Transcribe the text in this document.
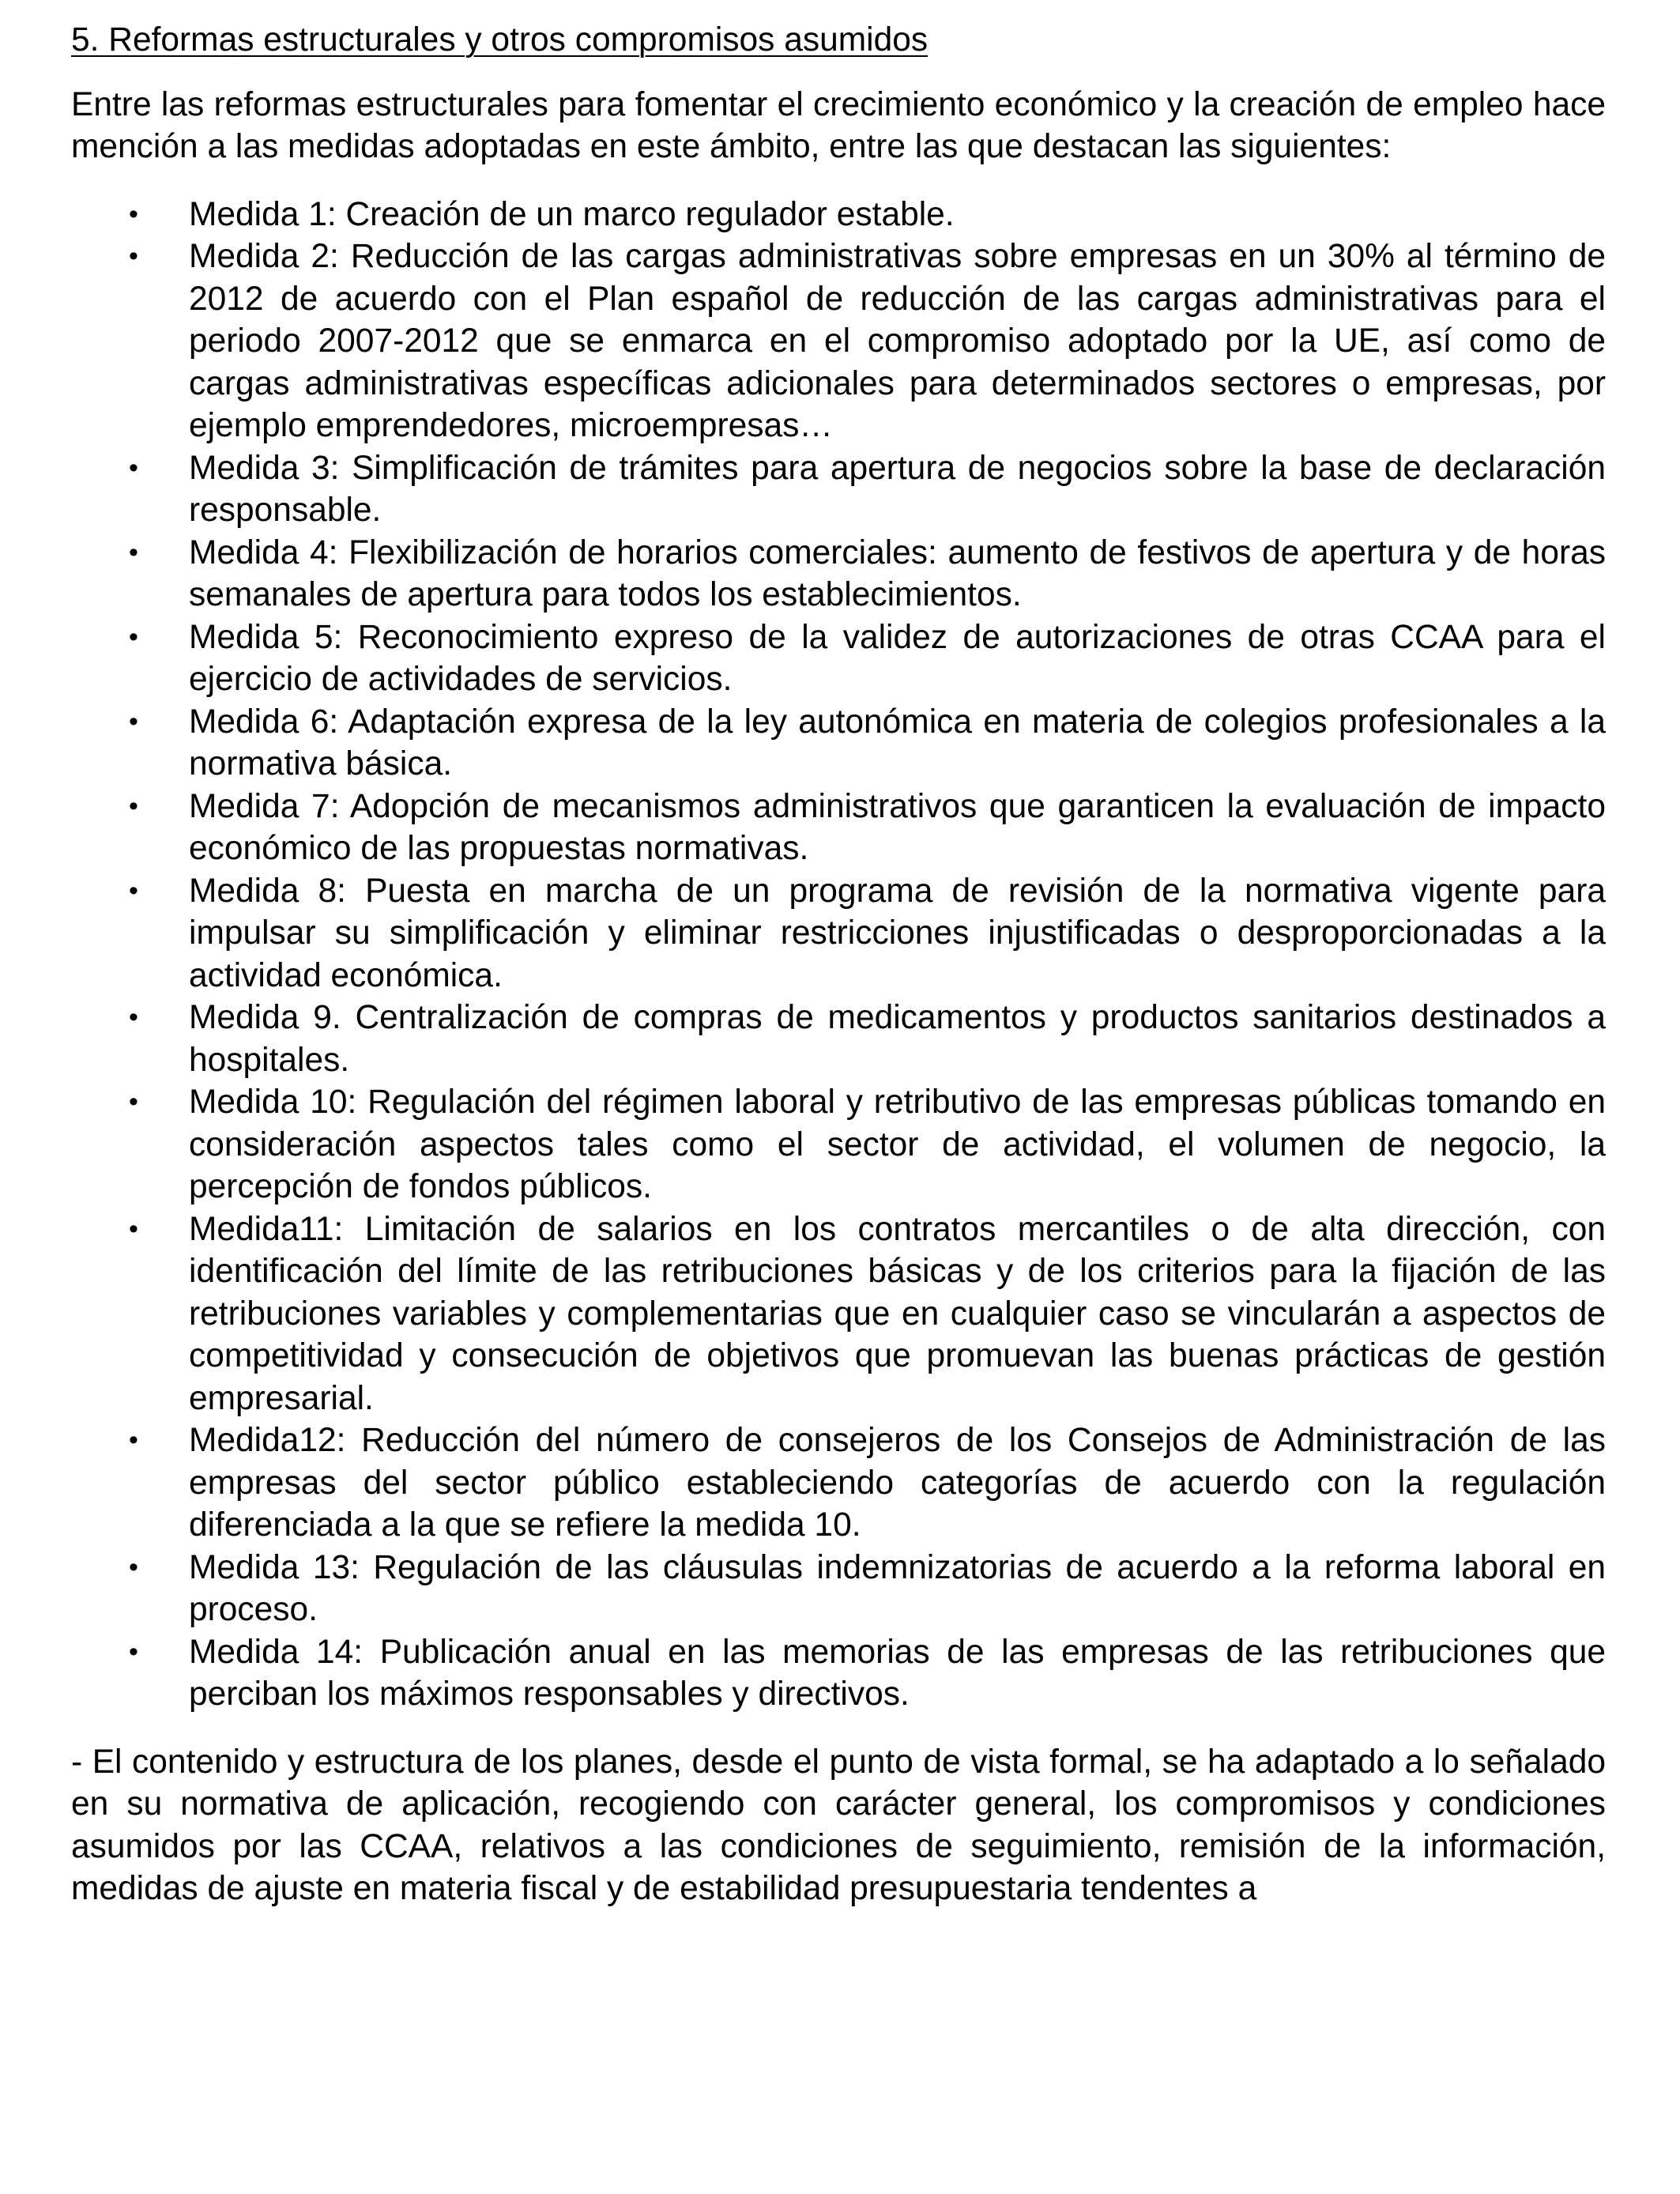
5. Reformas estructurales y otros compromisos asumidos

Entre las reformas estructurales para fomentar el crecimiento económico y la creación de empleo hace mención a las medidas adoptadas en este ámbito, entre las que destacan las siguientes:

• Medida 1: Creación de un marco regulador estable.
• Medida 2: Reducción de las cargas administrativas sobre empresas en un 30% al término de 2012 de acuerdo con el Plan español de reducción de las cargas administrativas para el periodo 2007-2012 que se enmarca en el compromiso adoptado por la UE, así como de cargas administrativas específicas adicionales para determinados sectores o empresas, por ejemplo emprendedores, microempresas…
• Medida 3: Simplificación de trámites para apertura de negocios sobre la base de declaración responsable.
• Medida 4: Flexibilización de horarios comerciales: aumento de festivos de apertura y de horas semanales de apertura para todos los establecimientos.
• Medida 5: Reconocimiento expreso de la validez de autorizaciones de otras CCAA para el ejercicio de actividades de servicios.
• Medida 6: Adaptación expresa de la ley autonómica en materia de colegios profesionales a la normativa básica.
• Medida 7: Adopción de mecanismos administrativos que garanticen la evaluación de impacto económico de las propuestas normativas.
• Medida 8: Puesta en marcha de un programa de revisión de la normativa vigente para impulsar su simplificación y eliminar restricciones injustificadas o desproporcionadas a la actividad económica.
• Medida 9. Centralización de compras de medicamentos y productos sanitarios destinados a hospitales.
• Medida 10: Regulación del régimen laboral y retributivo de las empresas públicas tomando en consideración aspectos tales como el sector de actividad, el volumen de negocio, la percepción de fondos públicos.
• Medida11: Limitación de salarios en los contratos mercantiles o de alta dirección, con identificación del límite de las retribuciones básicas y de los criterios para la fijación de las retribuciones variables y complementarias que en cualquier caso se vincularán a aspectos de competitividad y consecución de objetivos que promuevan las buenas prácticas de gestión empresarial.
• Medida12: Reducción del número de consejeros de los Consejos de Administración de las empresas del sector público estableciendo categorías de acuerdo con la regulación diferenciada a la que se refiere la medida 10.
• Medida 13: Regulación de las cláusulas indemnizatorias de acuerdo a la reforma laboral en proceso.
• Medida 14: Publicación anual en las memorias de las empresas de las retribuciones que perciban los máximos responsables y directivos.

- El contenido y estructura de los planes, desde el punto de vista formal, se ha adaptado a lo señalado en su normativa de aplicación, recogiendo con carácter general, los compromisos y condiciones asumidos por las CCAA, relativos a las condiciones de seguimiento, remisión de la información, medidas de ajuste en materia fiscal y de estabilidad presupuestaria tendentes a
